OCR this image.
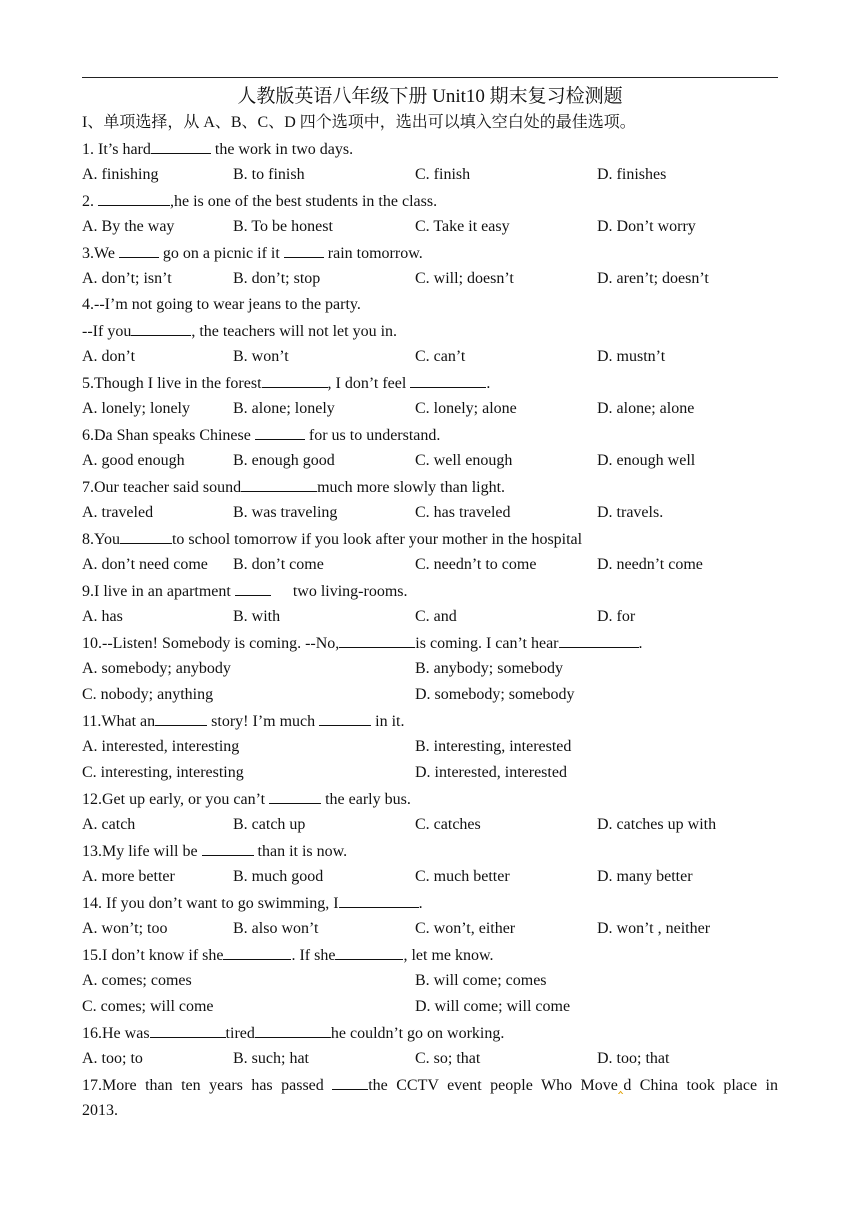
人教版英语八年级下册 Unit10 期末复习检测题
I、单项选择，从 A、B、C、D 四个选项中，选出可以填入空白处的最佳选项。
1. It’s hard	the work in two days.
A. finishing	B. to finish	C. finish	D. finishes
2.	,he is one of the best students in the class.
A. By the way	B. To be honest	C. Take it easy	D. Don’t worry
3.We	go on a picnic if it	rain tomorrow.
A. don’t; isn’t	B. don’t; stop	C. will; doesn’t	D. aren’t; doesn’t
4.--I’m not going to wear jeans to the party.
--If you	, the teachers will not let you in.
A. don’t	B. won’t	C. can’t	D. mustn’t
5.Though I live in the forest	, I don’t feel	.
A. lonely; lonely	B. alone; lonely	C. lonely; alone	D. alone; alone
6.Da Shan speaks Chinese	for us to understand.
A. good enough	B. enough good	C. well enough	D. enough well
7.Our teacher said sound	much more slowly than light.
A. traveled	B. was traveling	C. has traveled	D. travels.
8.You	to school tomorrow if you look after your mother in the hospital
A. don’t need come B. don’t come	C. needn’t to come	D. needn’t come
9.I live in an apartment	two living-rooms.
A. has	B. with	C. and	D. for
10.--Listen! Somebody is coming. --No,	is coming. I can’t hear	.
A. somebody; anybody	B. anybody; somebody
C. nobody; anything	D. somebody; somebody
11.What an	story! I’m much	in it.
A. interested, interesting	B. interesting, interested
C. interesting, interesting	D. interested, interested
12.Get up early, or you can’t	the early bus.
A. catch	B. catch up	C. catches	D. catches up with
13.My life will be	than it is now.
A. more better	B. much good	C. much better	D. many better
14. If you don’t want to go swimming, I	.
A. won’t; too	B. also won’t	C. won’t, either	D. won’t , neither
15.I don’t know if she	. If she	, let me know.
A. comes; comes	B. will come; comes
C. comes; will come	D. will come; will come
16.He was	tired	he couldn’t go on working.
A. too; to	B. such; hat	C. so; that	D. too; that
17.More than ten years has passed the CCTV event people Who Move‸d China took place in
2013.
